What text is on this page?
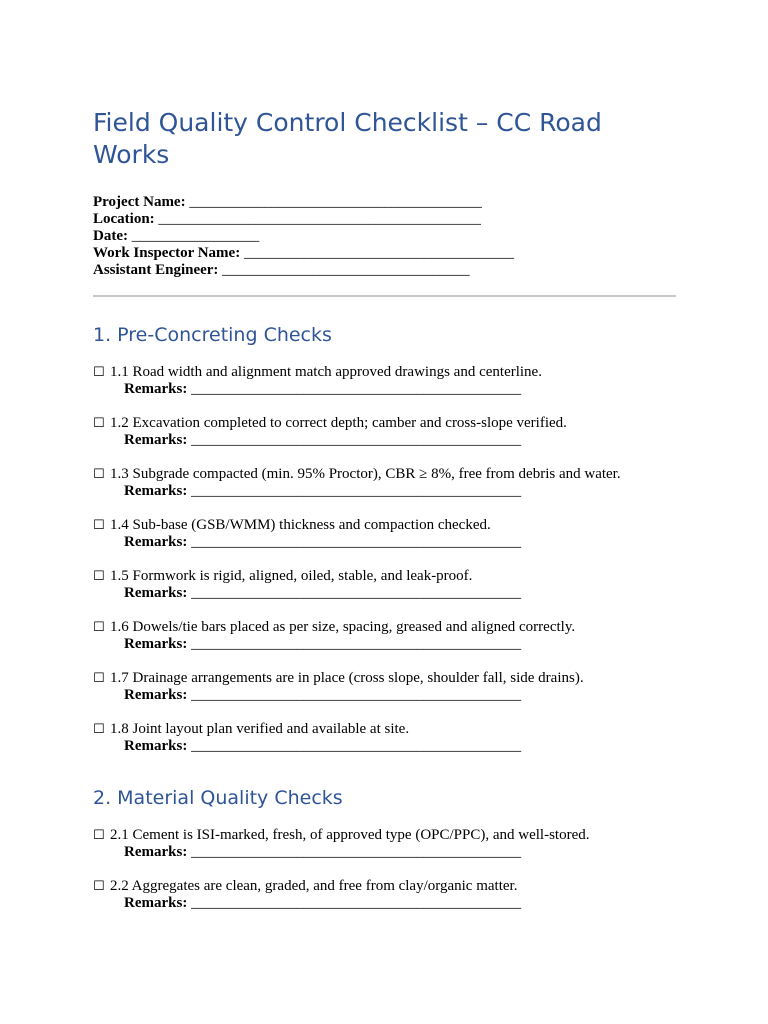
Field Quality Control Checklist – CC Road Works
Project Name: _______________________________________
Location: ___________________________________________
Date: _________________
Work Inspector Name: ____________________________________
Assistant Engineer: _________________________________
1. Pre-Concreting Checks
☐ 1.1 Road width and alignment match approved drawings and centerline.
Remarks: ____________________________________________
☐ 1.2 Excavation completed to correct depth; camber and cross-slope verified.
Remarks: ____________________________________________
☐ 1.3 Subgrade compacted (min. 95% Proctor), CBR ≥ 8%, free from debris and water.
Remarks: ____________________________________________
☐ 1.4 Sub-base (GSB/WMM) thickness and compaction checked.
Remarks: ____________________________________________
☐ 1.5 Formwork is rigid, aligned, oiled, stable, and leak-proof.
Remarks: ____________________________________________
☐ 1.6 Dowels/tie bars placed as per size, spacing, greased and aligned correctly.
Remarks: ____________________________________________
☐ 1.7 Drainage arrangements are in place (cross slope, shoulder fall, side drains).
Remarks: ____________________________________________
☐ 1.8 Joint layout plan verified and available at site.
Remarks: ____________________________________________
2. Material Quality Checks
☐ 2.1 Cement is ISI-marked, fresh, of approved type (OPC/PPC), and well-stored.
Remarks: ____________________________________________
☐ 2.2 Aggregates are clean, graded, and free from clay/organic matter.
Remarks: ____________________________________________
